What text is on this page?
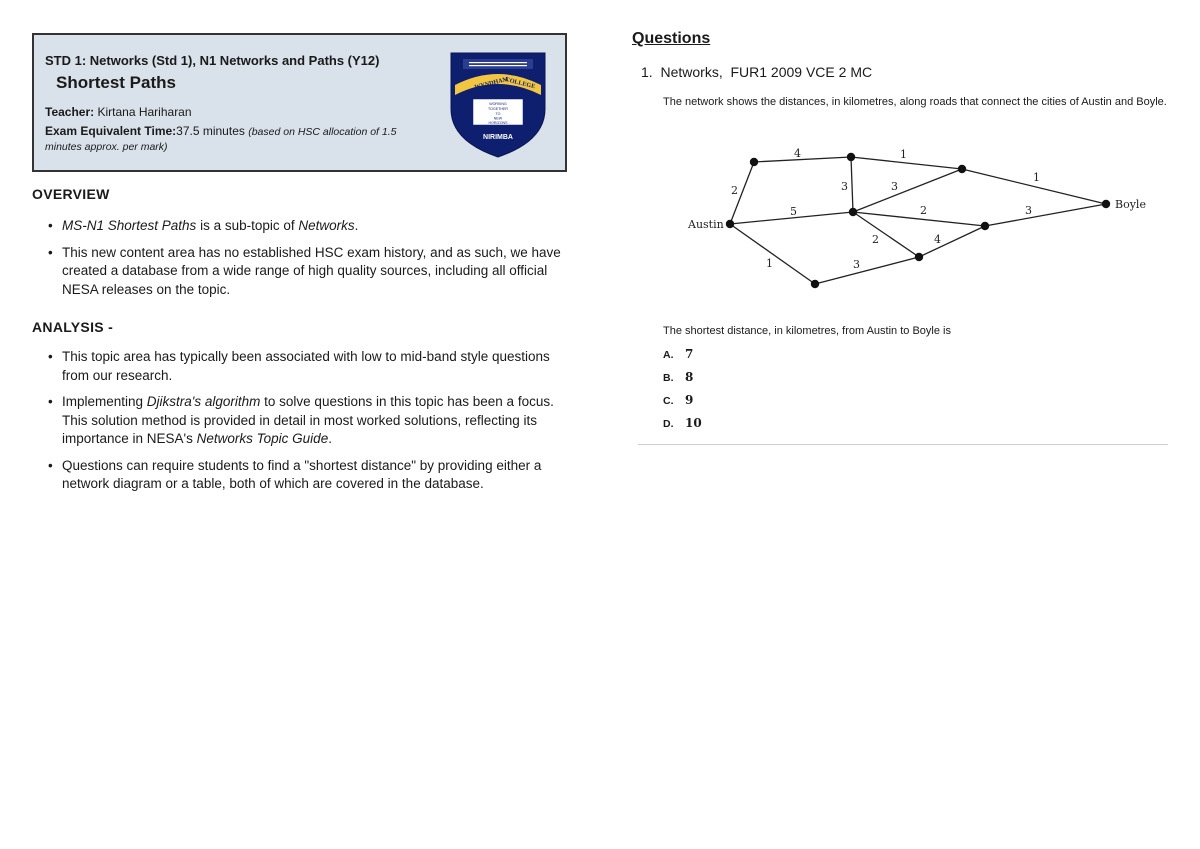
STD 1: Networks (Std 1), N1 Networks and Paths (Y12)
Shortest Paths
Teacher: Kirtana Hariharan
Exam Equivalent Time:37.5 minutes (based on HSC allocation of 1.5 minutes approx. per mark)
WYNDHAM
COLLEGE
WORKING
TOGETHER
TO
NEW
HORIZONS
NIRIMBA
OVERVIEW
• MS-N1 Shortest Paths is a sub-topic of Networks.
• This new content area has no established HSC exam history, and as such, we have created a database from a wide range of high quality sources, including all official NESA releases on the topic.
ANALYSIS -
• This topic area has typically been associated with low to mid-band style questions from our research.
• Implementing Djikstra's algorithm to solve questions in this topic has been a focus. This solution method is provided in detail in most worked solutions, reflecting its importance in NESA's Networks Topic Guide.
• Questions can require students to find a "shortest distance" by providing either a network diagram or a table, both of which are covered in the database.
Questions
1. Networks,  FUR1 2009 VCE 2 MC
The network shows the distances, in kilometres, along roads that connect the cities of Austin and Boyle.
Austin
Boyle
2
4	1
1
3	3
5	2	3
2	4
1	3
The shortest distance, in kilometres, from Austin to Boyle is
A. 7
B. 8
C. 9
D. 10
